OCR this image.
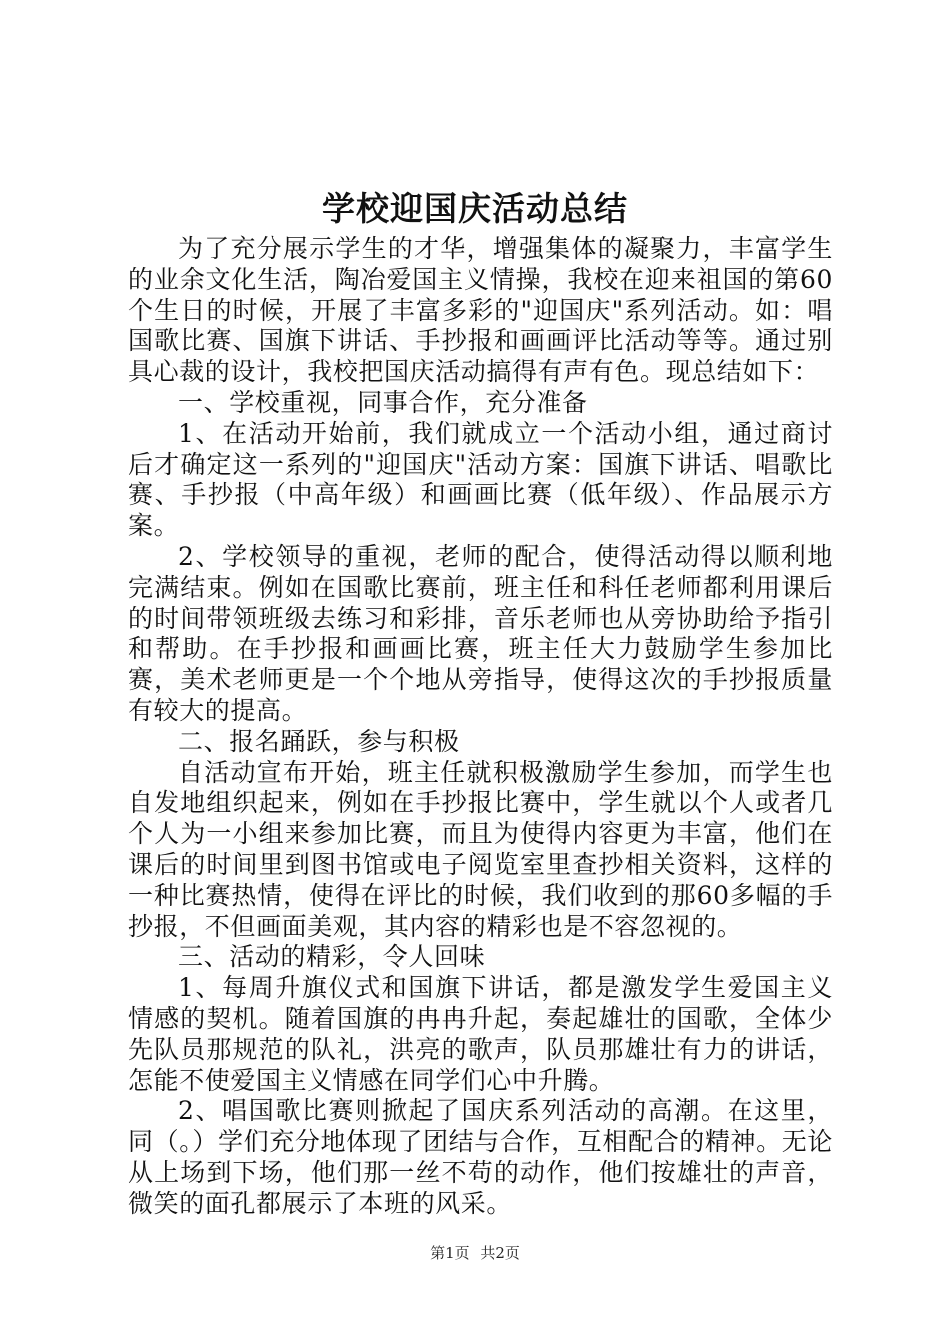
学校迎国庆活动总结

为了充分展示学生的才华，增强集体的凝聚力，丰富学生的业余文化生活，陶冶爱国主义情操，我校在迎来祖国的第60个生日的时候，开展了丰富多彩的"迎国庆"系列活动。如：唱国歌比赛、国旗下讲话、手抄报和画画评比活动等等。通过别具心裁的设计，我校把国庆活动搞得有声有色。现总结如下：

一、学校重视，同事合作，充分准备

1、在活动开始前，我们就成立一个活动小组，通过商讨后才确定这一系列的"迎国庆"活动方案：国旗下讲话、唱歌比赛、手抄报（中高年级）和画画比赛（低年级）、作品展示方案。

2、学校领导的重视，老师的配合，使得活动得以顺利地完满结束。例如在国歌比赛前，班主任和科任老师都利用课后的时间带领班级去练习和彩排，音乐老师也从旁协助给予指引和帮助。在手抄报和画画比赛，班主任大力鼓励学生参加比赛，美术老师更是一个个地从旁指导，使得这次的手抄报质量有较大的提高。

二、报名踊跃，参与积极

自活动宣布开始，班主任就积极激励学生参加，而学生也自发地组织起来，例如在手抄报比赛中，学生就以个人或者几个人为一小组来参加比赛，而且为使得内容更为丰富，他们在课后的时间里到图书馆或电子阅览室里查抄相关资料，这样的一种比赛热情，使得在评比的时候，我们收到的那60多幅的手抄报，不但画面美观，其内容的精彩也是不容忽视的。

三、活动的精彩，令人回味

1、每周升旗仪式和国旗下讲话，都是激发学生爱国主义情感的契机。随着国旗的冉冉升起，奏起雄壮的国歌，全体少先队员那规范的队礼，洪亮的歌声，队员那雄壮有力的讲话，怎能不使爱国主义情感在同学们心中升腾。

2、唱国歌比赛则掀起了国庆系列活动的高潮。在这里，同（。）学们充分地体现了团结与合作，互相配合的精神。无论从上场到下场，他们那一丝不苟的动作，他们按雄壮的声音，微笑的面孔都展示了本班的风采。

第1页 共2页
